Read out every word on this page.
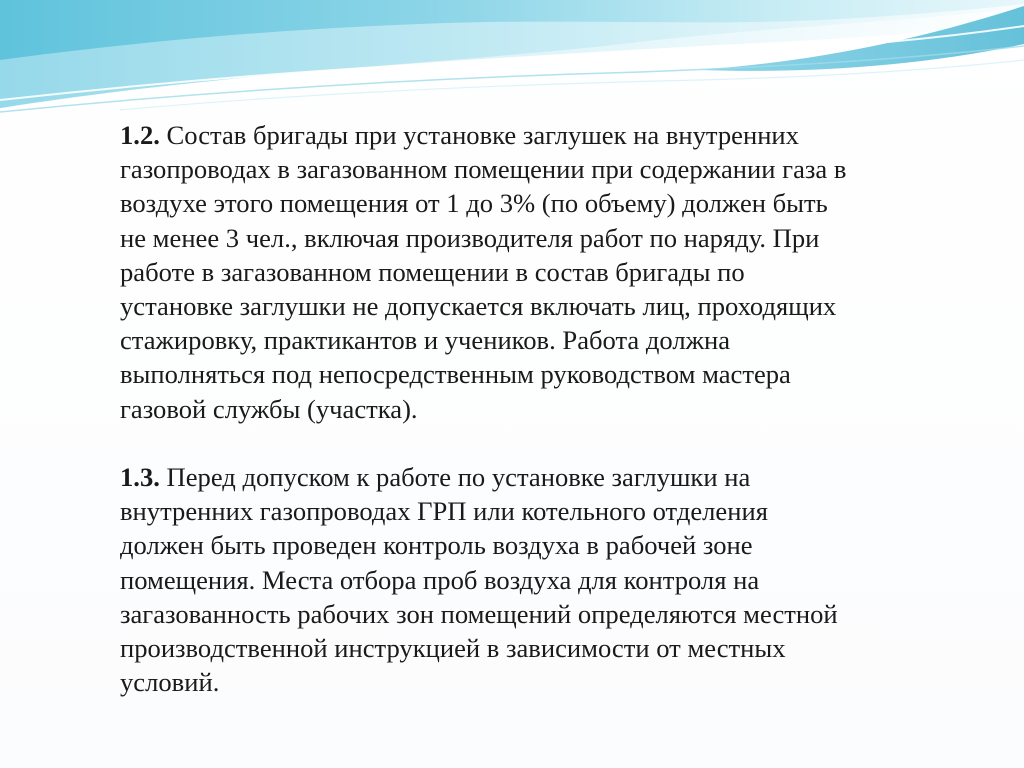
1.2. Состав бригады при установке заглушек на внутренних
газопроводах в загазованном помещении при содержании газа в
воздухе этого помещения от 1 до 3% (по объему) должен быть
не менее 3 чел., включая производителя работ по наряду. При
работе в загазованном помещении в состав бригады по
установке заглушки не допускается включать лиц, проходящих
стажировку, практикантов и учеников. Работа должна
выполняться под непосредственным руководством мастера
газовой службы (участка).

1.3. Перед допуском к работе по установке заглушки на
внутренних газопроводах ГРП или котельного отделения
должен быть проведен контроль воздуха в рабочей зоне
помещения. Места отбора проб воздуха для контроля на
загазованность рабочих зон помещений определяются местной
производственной инструкцией в зависимости от местных
условий.
